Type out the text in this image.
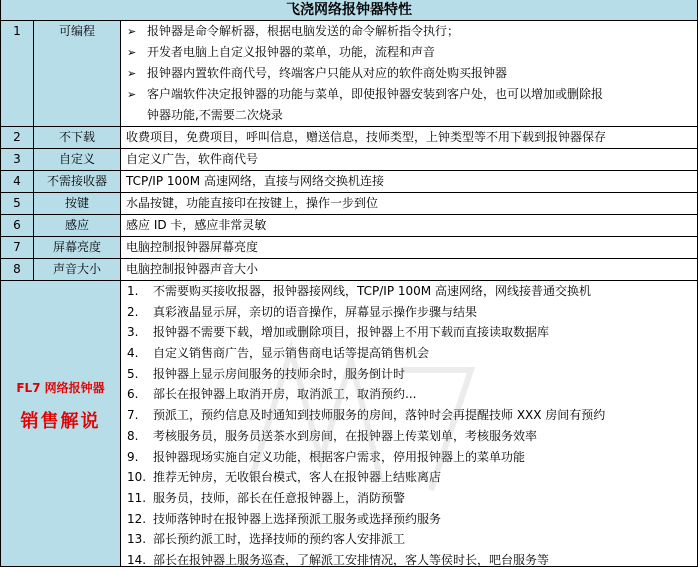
飞浇网络报钟器特性
1	可编程	➢ 报钟器是命令解析器，根据电脑发送的命令解析指令执行；
➢ 开发者电脑上自定义报钟器的菜单，功能，流程和声音
➢ 报钟器内置软件商代号，终端客户只能从对应的软件商处购买报钟器
➢ 客户端软件决定报钟器的功能与菜单，即使报钟器安装到客户处，也可以增加或删除报
钟器功能,不需要二次烧录
2	不下载	收费项目，免费项目，呼叫信息，赠送信息，技师类型，上钟类型等不用下载到报钟器保存
3	自定义	自定义广告，软件商代号
4	不需接收器	TCP/IP 100M 高速网络，直接与网络交换机连接
5	按键	水晶按键，功能直接印在按键上，操作一步到位
6	感应	感应 ID 卡，感应非常灵敏
7	屏幕亮度	电脑控制报钟器屏幕亮度
8	声音大小	电脑控制报钟器声音大小
FL7 网络报钟器
销售解说
1. 不需要购买接收报器，报钟器接网线，TCP/IP 100M 高速网络，网线接普通交换机
2. 真彩液晶显示屏，亲切的语音操作，屏幕显示操作步骤与结果
3. 报钟器不需要下载，增加或删除项目，报钟器上不用下载而直接读取数据库
4. 自定义销售商广告，显示销售商电话等提高销售机会
5. 报钟器上显示房间服务的技师余时，服务倒计时
6. 部长在报钟器上取消开房，取消派工，取消预约...
7. 预派工，预约信息及时通知到技师服务的房间，落钟时会再提醒技师 XXX 房间有预约
8. 考核服务员，服务员送茶水到房间，在报钟器上传菜划单，考核服务效率
9. 报钟器现场实施自定义功能，根据客户需求，停用报钟器上的菜单功能
10. 推荐无钟房，无收银台模式，客人在报钟器上结账离店
11. 服务员，技师，部长在任意报钟器上，消防预警
12. 技师落钟时在报钟器上选择预派工服务或选择预约服务
13. 部长预约派工时，选择技师的预约客人安排派工
14. 部长在报钟器上服务巡查，了解派工安排情况，客人等侯时长，吧台服务等
